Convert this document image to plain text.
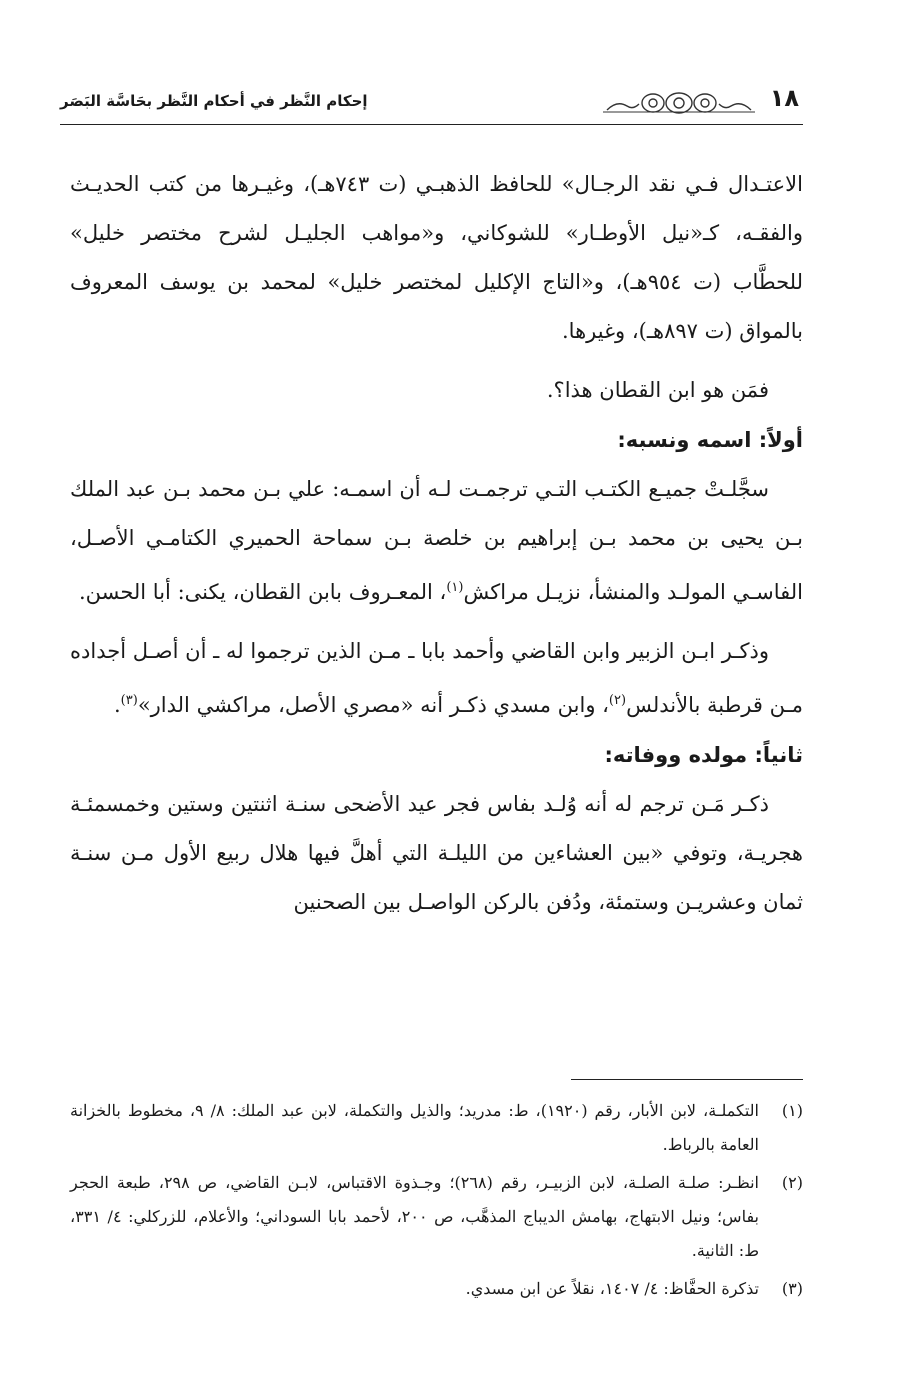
١٨
إحكام النَّظر في أحكام النَّظر بحَاسَّة البَصَر

الاعتـدال فـي نقد الرجـال» للحافظ الذهبـي (ت ٧٤٣هـ)، وغيـرها من كتب الحديـث والفقـه، كـ«نيل الأوطـار» للشوكاني، و«مواهب الجليـل لشرح مختصر خليل» للحطَّاب (ت ٩٥٤هـ)، و«التاج الإكليل لمختصر خليل» لمحمد بن يوسف المعروف بالمواق (ت ٨٩٧هـ)، وغيرها.

فمَن هو ابن القطان هذا؟.

أولاً: اسمه ونسبه:

سجَّلـتْ جميـع الكتـب التـي ترجمـت لـه أن اسمـه: علي بـن محمد بـن عبد الملك بـن يحيى بن محمد بـن إبراهيم بن خلصة بـن سماحة الحميري الكتامـي الأصـل، الفاسـي المولـد والمنشأ، نزيـل مراكش$^{(١)}$، المعـروف بابن القطان، يكنى: أبا الحسن.

وذكـر ابـن الزبير وابن القاضي وأحمد بابا ـ مـن الذين ترجموا له ـ أن أصـل أجداده مـن قرطبة بالأندلس$^{(٢)}$، وابن مسدي ذكـر أنه «مصري الأصل، مراكشي الدار»$^{(٣)}$.

ثانياً: مولده ووفاته:

ذكـر مَـن ترجم له أنه وُلـد بفاس فجر عيد الأضحى سنـة اثنتين وستين وخمسمئـة هجريـة، وتوفي «بين العشاءين من الليلـة التي أهلَّ فيها هلال ربيع الأول مـن سنـة ثمان وعشريـن وستمئة، ودُفن بالركن الواصـل بين الصحنين

(١)
التكملـة، لابن الأبار، رقم (١٩٢٠)، ط: مدريد؛ والذيل والتكملة، لابن عبد الملك: ٨/ ٩، مخطوط بالخزانة العامة بالرباط.
(٢)
انظـر: صلـة الصلـة، لابن الزبيـر، رقم (٢٦٨)؛ وجـذوة الاقتباس، لابـن القاضي، ص ٢٩٨، طبعة الحجر بفاس؛ ونيل الابتهاج، بهامش الديباج المذهَّب، ص ٢٠٠، لأحمد بابا السوداني؛ والأعلام، للزركلي: ٤/ ٣٣١، ط: الثانية.
(٣)
تذكرة الحفَّاظ: ٤/ ١٤٠٧، نقلاً عن ابن مسدي.
